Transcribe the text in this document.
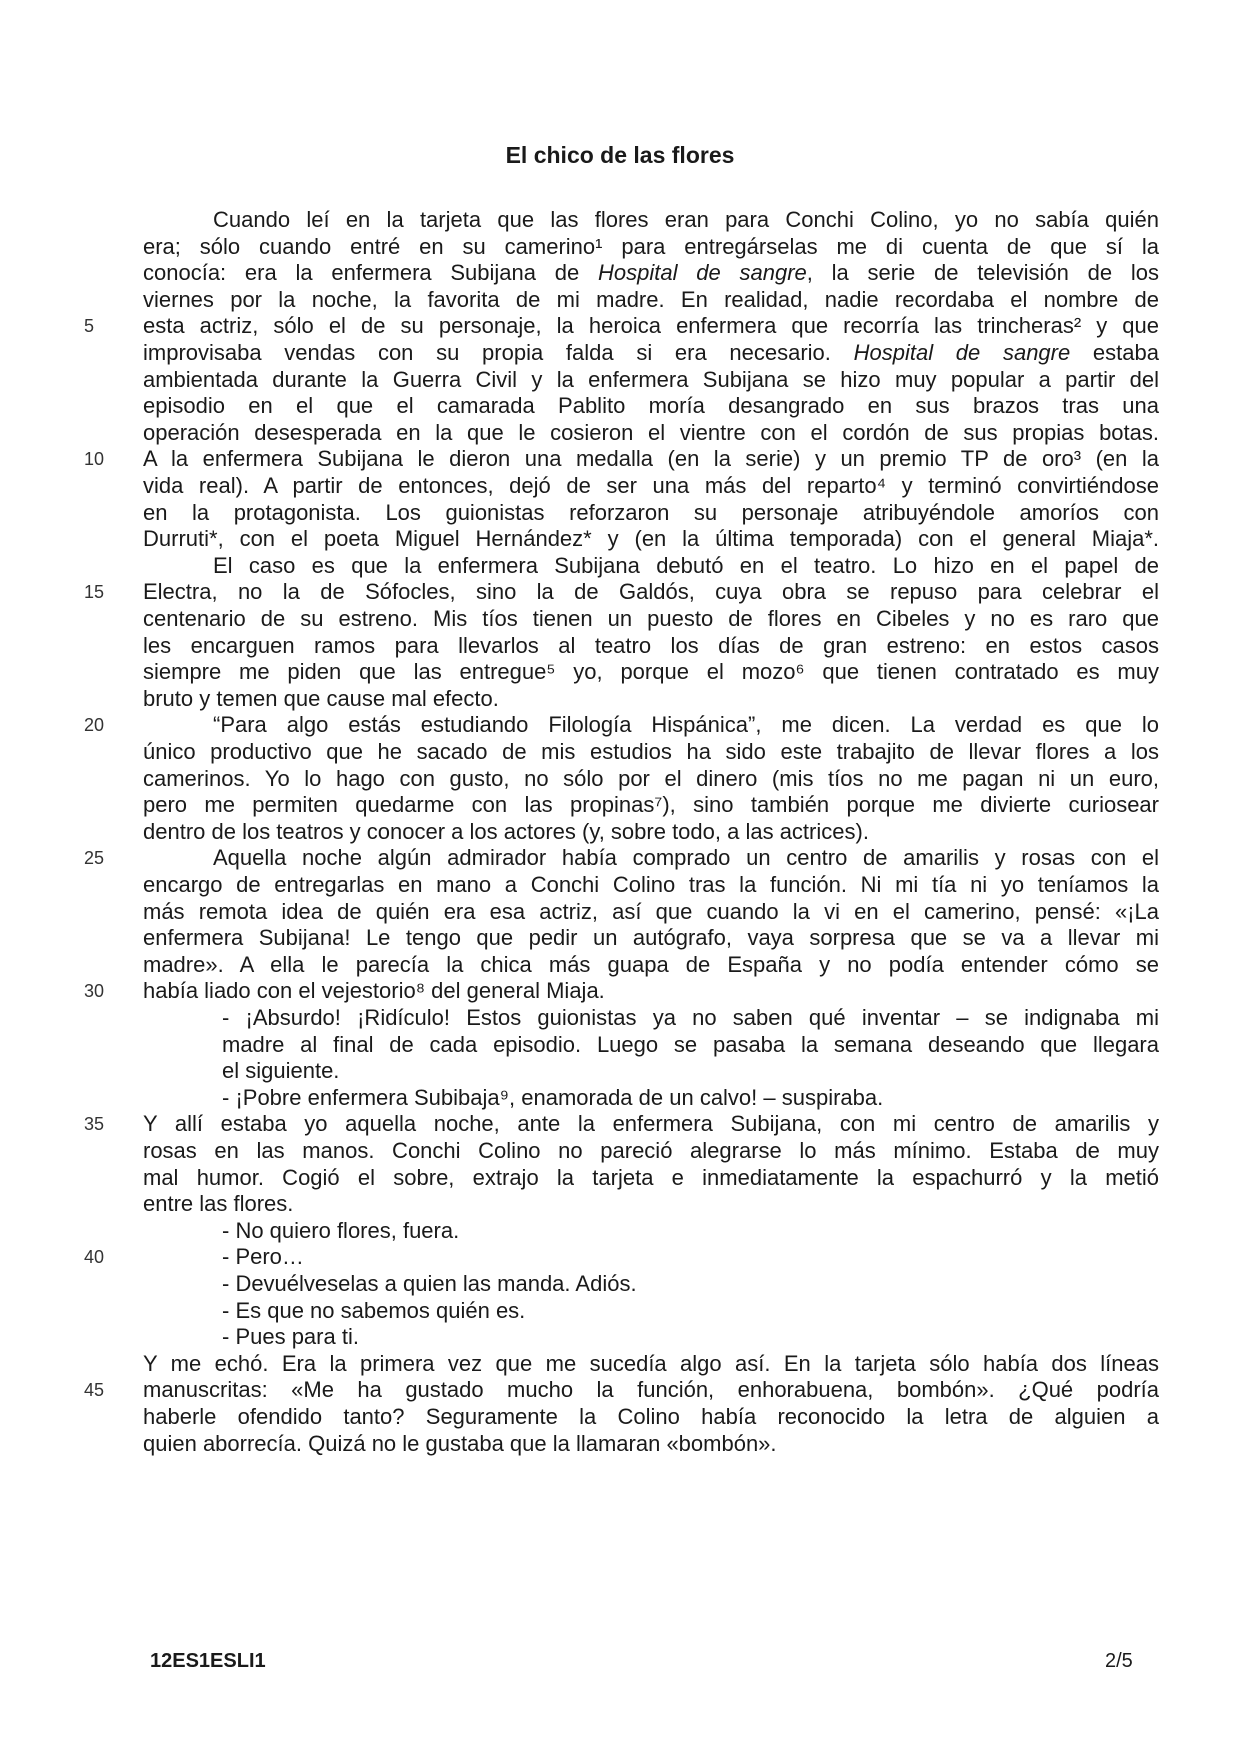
El chico de las flores
Cuando leí en la tarjeta que las flores eran para Conchi Colino, yo no sabía quién
era; sólo cuando entré en su camerino¹ para entregárselas me di cuenta de que sí la
conocía: era la enfermera Subijana de Hospital de sangre, la serie de televisión de los
viernes por la noche, la favorita de mi madre. En realidad, nadie recordaba el nombre de
esta actriz, sólo el de su personaje, la heroica enfermera que recorría las trincheras² y que
improvisaba vendas con su propia falda si era necesario. Hospital de sangre estaba
ambientada durante la Guerra Civil y la enfermera Subijana se hizo muy popular a partir del
episodio en el que el camarada Pablito moría desangrado en sus brazos tras una
operación desesperada en la que le cosieron el vientre con el cordón de sus propias botas.
A la enfermera Subijana le dieron una medalla (en la serie) y un premio TP de oro³ (en la
vida real). A partir de entonces, dejó de ser una más del reparto⁴ y terminó convirtiéndose
en la protagonista. Los guionistas reforzaron su personaje atribuyéndole amoríos con
Durruti*, con el poeta Miguel Hernández* y (en la última temporada) con el general Miaja*.
El caso es que la enfermera Subijana debutó en el teatro. Lo hizo en el papel de
Electra, no la de Sófocles, sino la de Galdós, cuya obra se repuso para celebrar el
centenario de su estreno. Mis tíos tienen un puesto de flores en Cibeles y no es raro que
les encarguen ramos para llevarlos al teatro los días de gran estreno: en estos casos
siempre me piden que las entregue⁵ yo, porque el mozo⁶ que tienen contratado es muy
bruto y temen que cause mal efecto.
“Para algo estás estudiando Filología Hispánica”, me dicen. La verdad es que lo
único productivo que he sacado de mis estudios ha sido este trabajito de llevar flores a los
camerinos. Yo lo hago con gusto, no sólo por el dinero (mis tíos no me pagan ni un euro,
pero me permiten quedarme con las propinas⁷), sino también porque me divierte curiosear
dentro de los teatros y conocer a los actores (y, sobre todo, a las actrices).
Aquella noche algún admirador había comprado un centro de amarilis y rosas con el
encargo de entregarlas en mano a Conchi Colino tras la función. Ni mi tía ni yo teníamos la
más remota idea de quién era esa actriz, así que cuando la vi en el camerino, pensé: «¡La
enfermera Subijana! Le tengo que pedir un autógrafo, vaya sorpresa que se va a llevar mi
madre». A ella le parecía la chica más guapa de España y no podía entender cómo se
había liado con el vejestorio⁸ del general Miaja.
- ¡Absurdo! ¡Ridículo! Estos guionistas ya no saben qué inventar – se indignaba mi
madre al final de cada episodio. Luego se pasaba la semana deseando que llegara
el siguiente.
- ¡Pobre enfermera Subibaja⁹, enamorada de un calvo! – suspiraba.
Y allí estaba yo aquella noche, ante la enfermera Subijana, con mi centro de amarilis y
rosas en las manos. Conchi Colino no pareció alegrarse lo más mínimo. Estaba de muy
mal humor. Cogió el sobre, extrajo la tarjeta e inmediatamente la espachurró y la metió
entre las flores.
- No quiero flores, fuera.
- Pero…
- Devuélveselas a quien las manda. Adiós.
- Es que no sabemos quién es.
- Pues para ti.
Y me echó. Era la primera vez que me sucedía algo así. En la tarjeta sólo había dos líneas
manuscritas: «Me ha gustado mucho la función, enhorabuena, bombón». ¿Qué podría
haberle ofendido tanto? Seguramente la Colino había reconocido la letra de alguien a
quien aborrecía. Quizá no le gustaba que la llamaran «bombón».
5
10
15
20
25
30
35
40
45
12ES1ESLI1	2/5
